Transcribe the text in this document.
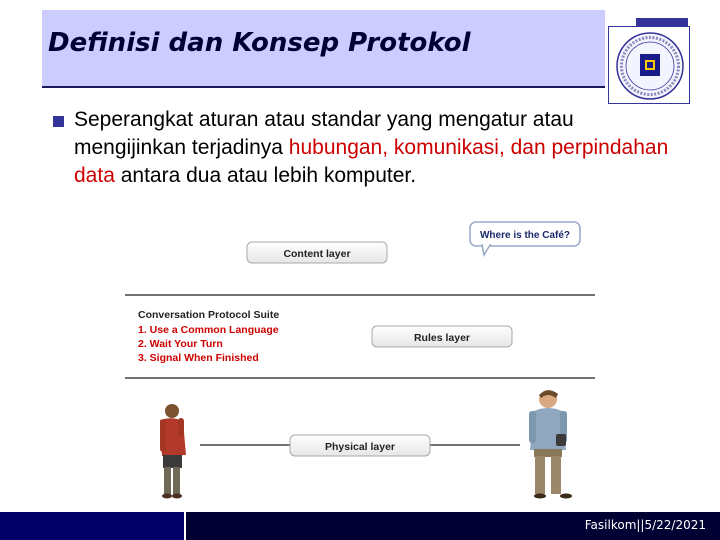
Definisi dan Konsep Protokol

Seperangkat aturan atau standar yang mengatur atau mengijinkan terjadinya hubungan, komunikasi, dan perpindahan data antara dua atau lebih komputer.

Where is the Café?
Content layer
Conversation Protocol Suite
1. Use a Common Language
2. Wait Your Turn
3. Signal When Finished
Rules layer
Physical layer
Fasilkom||5/22/2021
